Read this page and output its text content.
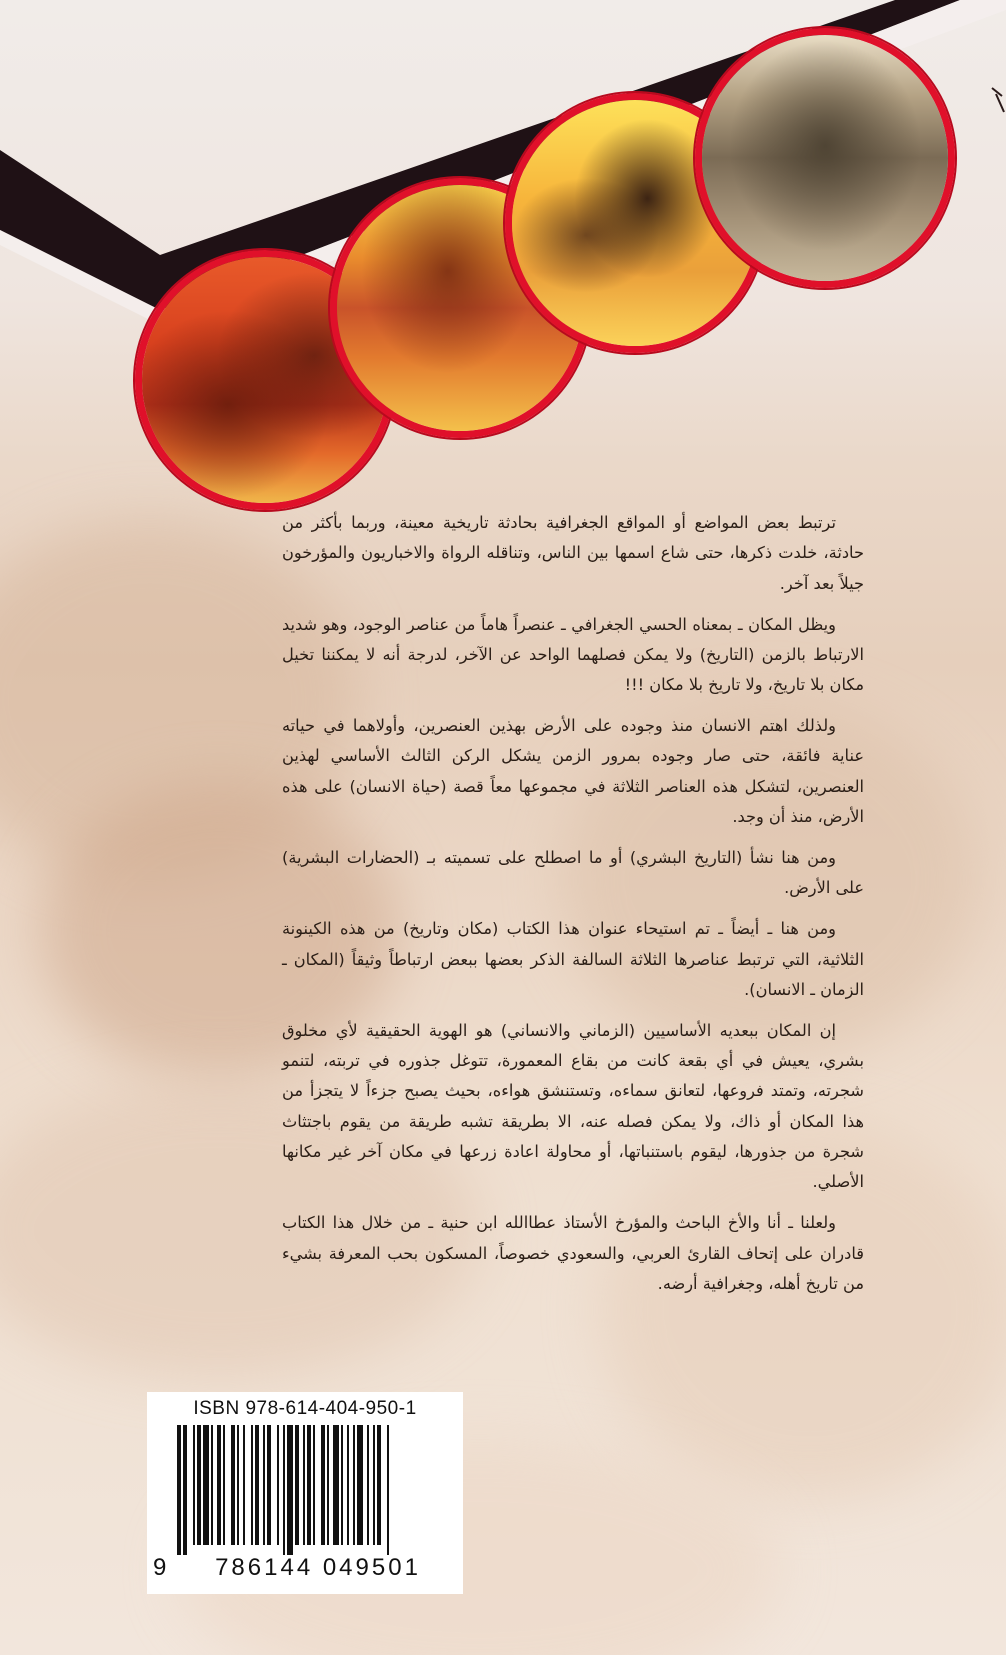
ترتبط بعض المواضع أو المواقع الجغرافية بحادثة تاريخية معينة، وربما بأكثر من حادثة، خلدت ذكرها، حتى شاع اسمها بين الناس، وتناقله الرواة والاخباريون والمؤرخون جيلاً بعد آخر.

ويظل المكان ـ بمعناه الحسي الجغرافي ـ عنصراً هاماً من عناصر الوجود، وهو شديد الارتباط بالزمن (التاريخ) ولا يمكن فصلهما الواحد عن الآخر، لدرجة أنه لا يمكننا تخيل مكان بلا تاريخ، ولا تاريخ بلا مكان !!!

ولذلك اهتم الانسان منذ وجوده على الأرض بهذين العنصرين، وأولاهما في حياته عناية فائقة، حتى صار وجوده بمرور الزمن يشكل الركن الثالث الأساسي لهذين العنصرين، لتشكل هذه العناصر الثلاثة في مجموعها معاً قصة (حياة الانسان) على هذه الأرض، منذ أن وجد.

ومن هنا نشأ (التاريخ البشري) أو ما اصطلح على تسميته بـ (الحضارات البشرية) على الأرض.

ومن هنا ـ أيضاً ـ تم استيحاء عنوان هذا الكتاب (مكان وتاريخ) من هذه الكينونة الثلاثية، التي ترتبط عناصرها الثلاثة السالفة الذكر بعضها ببعض ارتباطاً وثيقاً (المكان ـ الزمان ـ الانسان).

إن المكان ببعديه الأساسيين (الزماني والانساني) هو الهوية الحقيقية لأي مخلوق بشري، يعيش في أي بقعة كانت من بقاع المعمورة، تتوغل جذوره في تربته، لتنمو شجرته، وتمتد فروعها، لتعانق سماءه، وتستنشق هواءه، بحيث يصبح جزءاً لا يتجزأ من هذا المكان أو ذاك، ولا يمكن فصله عنه، الا بطريقة تشبه طريقة من يقوم باجتثاث شجرة من جذورها، ليقوم باستنباتها، أو محاولة اعادة زرعها في مكان آخر غير مكانها الأصلي.

ولعلنا ـ أنا والأخ الباحث والمؤرخ الأستاذ عطاالله ابن حنية ـ من خلال هذا الكتاب قادران على إتحاف القارئ العربي، والسعودي خصوصاً، المسكون بحب المعرفة بشيء من تاريخ أهله، وجغرافية أرضه.

ISBN 978-614-404-950-1
9	786144 049501
